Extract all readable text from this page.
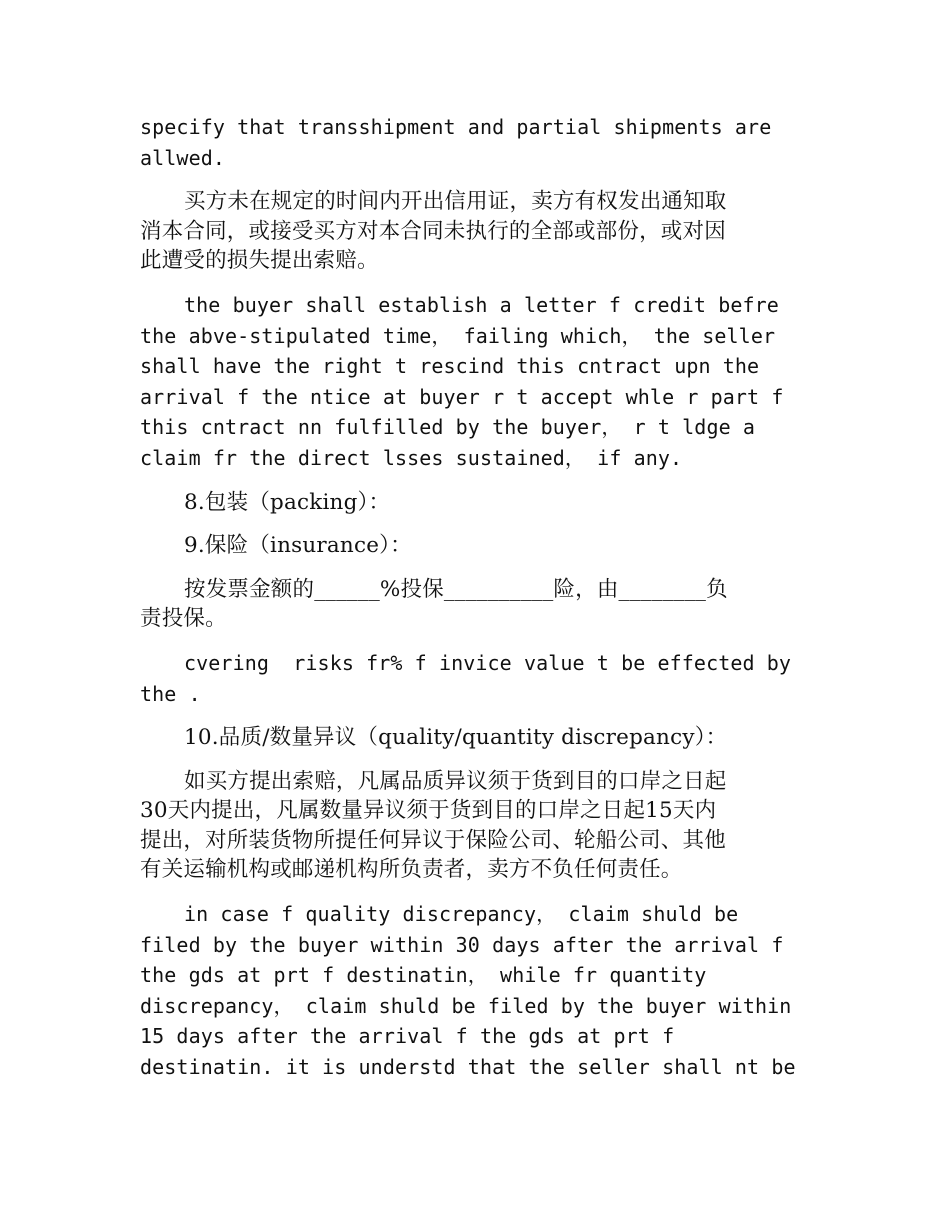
specify that transshipment and partial shipments are
allwed.
买方未在规定的时间内开出信用证，卖方有权发出通知取
消本合同，或接受买方对本合同未执行的全部或部份，或对因
此遭受的损失提出索赔。
the buyer shall establish a letter f credit befre
the abve-stipulated time， failing which， the seller
shall have the right t rescind this cntract upn the
arrival f the ntice at buyer r t accept whle r part f
this cntract nn fulfilled by the buyer， r t ldge a
claim fr the direct lsses sustained， if any.
8.包装（packing）：
9.保险（insurance）：
按发票金额的______%投保__________险，由________负
责投保。
cvering  risks fr% f invice value t be effected by
the .
10.品质/数量异议（quality/quantity discrepancy）：
如买方提出索赔，凡属品质异议须于货到目的口岸之日起
30天内提出，凡属数量异议须于货到目的口岸之日起15天内
提出，对所装货物所提任何异议于保险公司、轮船公司、其他
有关运输机构或邮递机构所负责者，卖方不负任何责任。
in case f quality discrepancy， claim shuld be
filed by the buyer within 30 days after the arrival f
the gds at prt f destinatin， while fr quantity
discrepancy， claim shuld be filed by the buyer within
15 days after the arrival f the gds at prt f
destinatin. it is understd that the seller shall nt be
